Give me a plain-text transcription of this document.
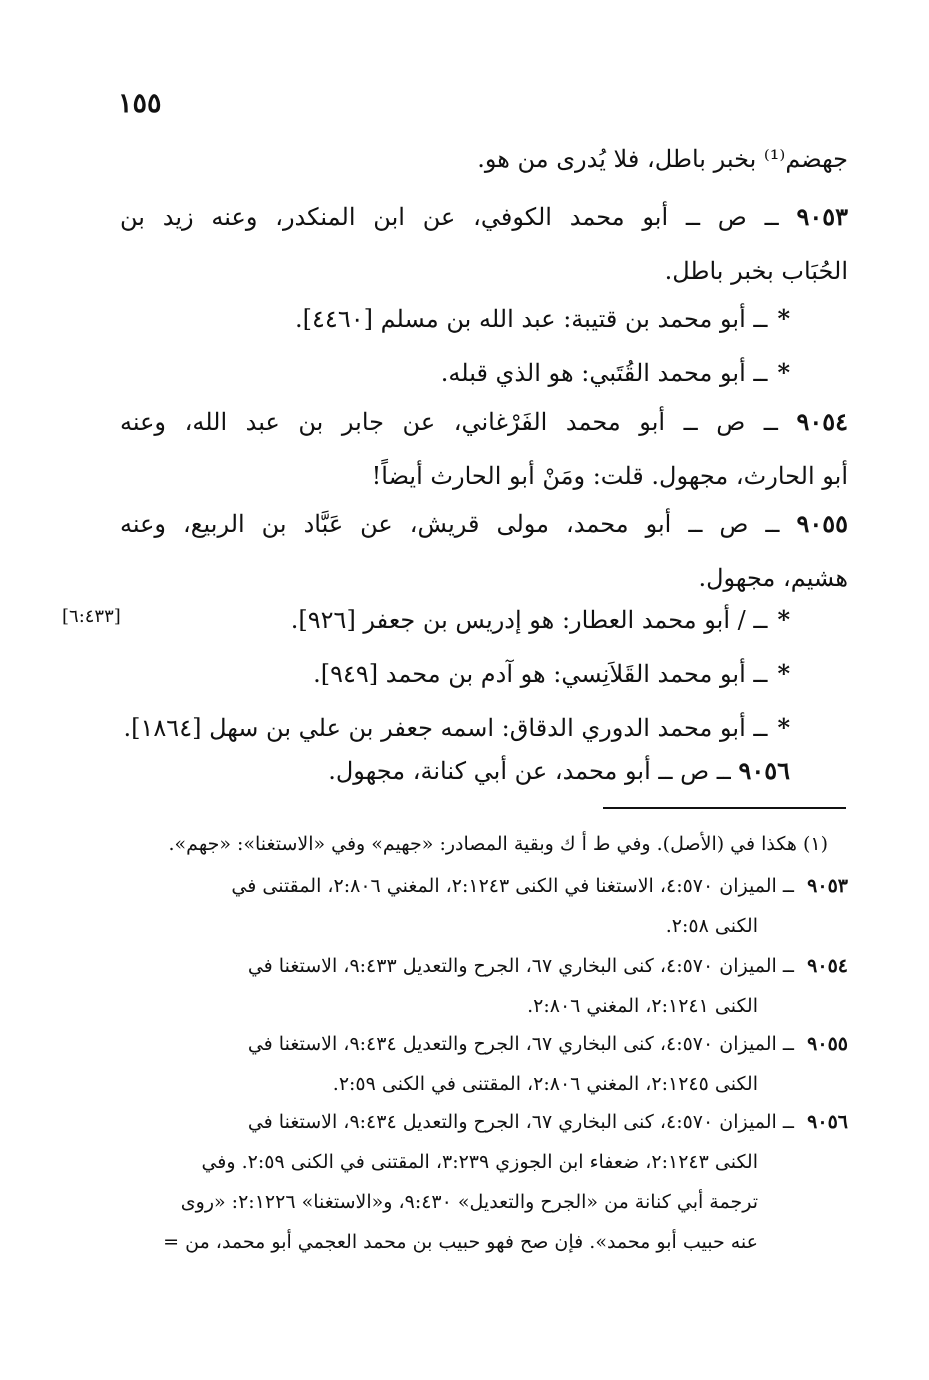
١٥٥
جهضم⁽¹⁾ بخبر باطل، فلا يُدرى من هو.
٩٠٥٣ ــ ص ــ أبو محمد الكوفي، عن ابن المنكدر، وعنه زيد بن
الحُبَاب بخبر باطل.
*ــ أبو محمد بن قتيبة: عبد الله بن مسلم [٤٤٦٠].
*ــ أبو محمد القُتَبي: هو الذي قبله.
٩٠٥٤ ــ ص ــ أبو محمد الفَرْغاني، عن جابر بن عبد الله، وعنه
أبو الحارث، مجهول. قلت: ومَنْ أبو الحارث أيضاً!
٩٠٥٥ ــ ص ــ أبو محمد، مولى قريش، عن عَبَّاد بن الربيع، وعنه
هشيم، مجهول.
*ــ / أبو محمد العطار: هو إدريس بن جعفر [٩٢٦].
*ــ أبو محمد القَلاَنِسي: هو آدم بن محمد [٩٤٩].
*ــ أبو محمد الدوري الدقاق: اسمه جعفر بن علي بن سهل [١٨٦٤].
٩٠٥٦ ــ ص ــ أبو محمد، عن أبي كنانة، مجهول.
[٦:٤٣٣]
(١) هكذا في (الأصل). وفي ط أ ك وبقية المصادر: «جهيم» وفي «الاستغنا»: «جهم».
٩٠٥٣ ــ الميزان ٤:٥٧٠، الاستغنا في الكنى ٢:١٢٤٣، المغني ٢:٨٠٦، المقتنى في
الكنى ٢:٥٨.
٩٠٥٤ ــ الميزان ٤:٥٧٠، كنى البخاري ٦٧، الجرح والتعديل ٩:٤٣٣، الاستغنا في
الكنى ٢:١٢٤١، المغني ٢:٨٠٦.
٩٠٥٥ ــ الميزان ٤:٥٧٠، كنى البخاري ٦٧، الجرح والتعديل ٩:٤٣٤، الاستغنا في
الكنى ٢:١٢٤٥، المغني ٢:٨٠٦، المقتنى في الكنى ٢:٥٩.
٩٠٥٦ ــ الميزان ٤:٥٧٠، كنى البخاري ٦٧، الجرح والتعديل ٩:٤٣٤، الاستغنا في
الكنى ٢:١٢٤٣، ضعفاء ابن الجوزي ٣:٢٣٩، المقتنى في الكنى ٢:٥٩. وفي
ترجمة أبي كنانة من «الجرح والتعديل» ٩:٤٣٠، و«الاستغنا» ٢:١٢٢٦: «روى
عنه حبيب أبو محمد». فإن صح فهو حبيب بن محمد العجمي أبو محمد، من =
